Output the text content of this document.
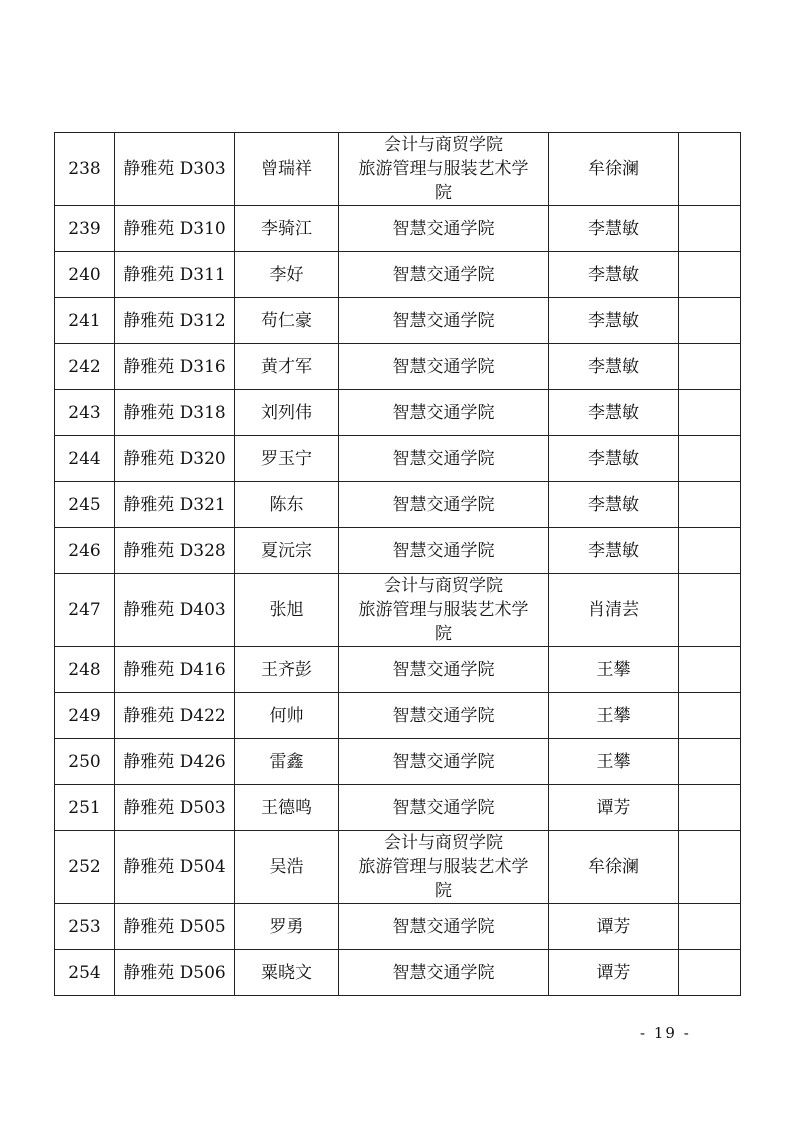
238	静雅苑 D303	曾瑞祥	会计与商贸学院
旅游管理与服装艺术学
院	牟徐澜	
239	静雅苑 D310	李骑江	智慧交通学院	李慧敏	
240	静雅苑 D311	李好	智慧交通学院	李慧敏	
241	静雅苑 D312	苟仁豪	智慧交通学院	李慧敏	
242	静雅苑 D316	黄才军	智慧交通学院	李慧敏	
243	静雅苑 D318	刘列伟	智慧交通学院	李慧敏	
244	静雅苑 D320	罗玉宁	智慧交通学院	李慧敏	
245	静雅苑 D321	陈东	智慧交通学院	李慧敏	
246	静雅苑 D328	夏沅宗	智慧交通学院	李慧敏	
247	静雅苑 D403	张旭	会计与商贸学院
旅游管理与服装艺术学
院	肖清芸	
248	静雅苑 D416	王齐彭	智慧交通学院	王攀	
249	静雅苑 D422	何帅	智慧交通学院	王攀	
250	静雅苑 D426	雷鑫	智慧交通学院	王攀	
251	静雅苑 D503	王德鸣	智慧交通学院	谭芳	
252	静雅苑 D504	吴浩	会计与商贸学院
旅游管理与服装艺术学
院	牟徐澜	
253	静雅苑 D505	罗勇	智慧交通学院	谭芳	
254	静雅苑 D506	粟晓文	智慧交通学院	谭芳	
- 19 -
